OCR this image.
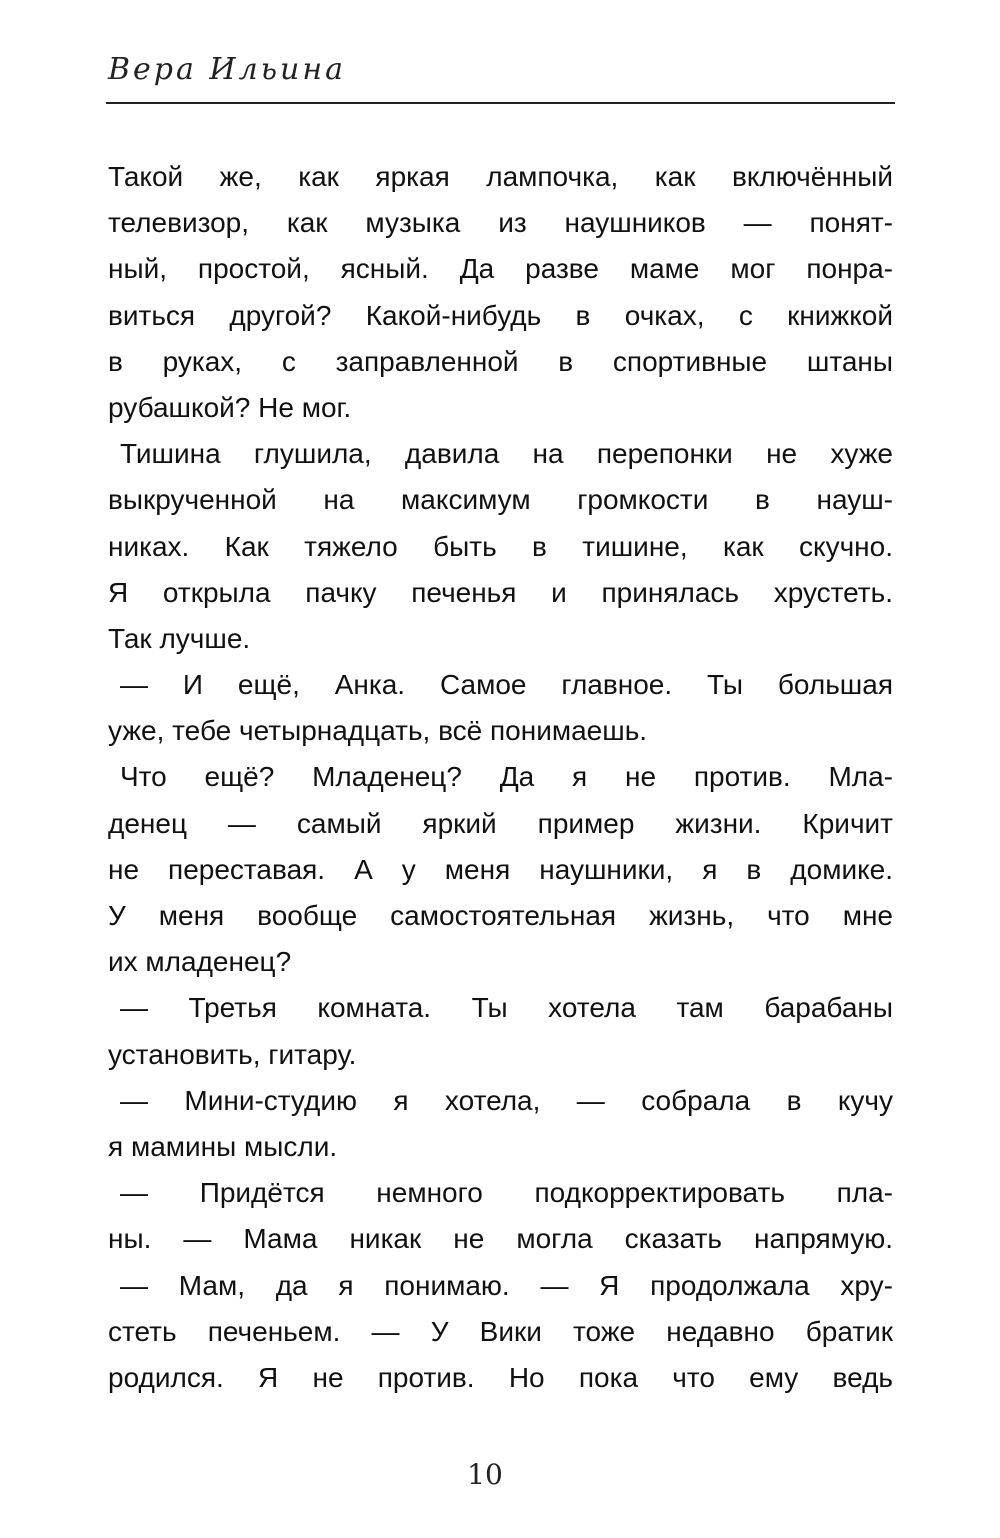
Вера Ильина
Такой же, как яркая лампочка, как включённый
телевизор, как музыка из наушников — понят-
ный, простой, ясный. Да разве маме мог понра-
виться другой? Какой-нибудь в очках, с книжкой
в руках, с заправленной в спортивные штаны
рубашкой? Не мог.
Тишина глушила, давила на перепонки не хуже
выкрученной на максимум громкости в науш-
никах. Как тяжело быть в тишине, как скучно.
Я открыла пачку печенья и принялась хрустеть.
Так лучше.
— И ещё, Анка. Самое главное. Ты большая
уже, тебе четырнадцать, всё понимаешь.
Что ещё? Младенец? Да я не против. Мла-
денец — самый яркий пример жизни. Кричит
не переставая. А у меня наушники, я в домике.
У меня вообще самостоятельная жизнь, что мне
их младенец?
— Третья комната. Ты хотела там барабаны
установить, гитару.
— Мини-студию я хотела, — собрала в кучу
я мамины мысли.
— Придётся немного подкорректировать пла-
ны. — Мама никак не могла сказать напрямую.
— Мам, да я понимаю. — Я продолжала хру-
стеть печеньем. — У Вики тоже недавно братик
родился. Я не против. Но пока что ему ведь
10
